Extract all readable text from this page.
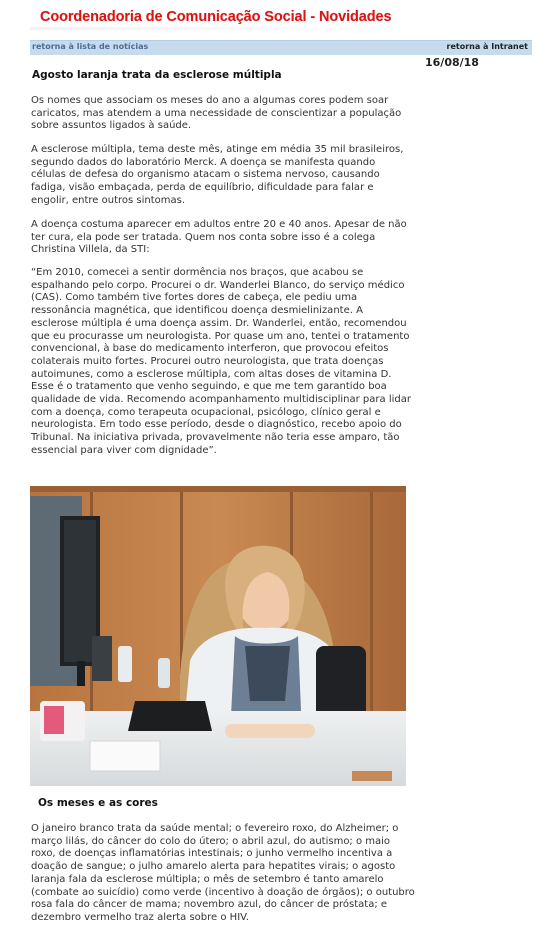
Coordenadoria de Comunicação Social - Novidades
retorna à lista de notícias	retorna à Intranet
16/08/18
Agosto laranja trata da esclerose múltipla

Os nomes que associam os meses do ano a algumas cores podem soar caricatos, mas atendem a uma necessidade de conscientizar a população sobre assuntos ligados à saúde.

A esclerose múltipla, tema deste mês, atinge em média 35 mil brasileiros, segundo dados do laboratório Merck. A doença se manifesta quando células de defesa do organismo atacam o sistema nervoso, causando fadiga, visão embaçada, perda de equilíbrio, dificuldade para falar e engolir, entre outros sintomas.

A doença costuma aparecer em adultos entre 20 e 40 anos. Apesar de não ter cura, ela pode ser tratada. Quem nos conta sobre isso é a colega Christina Villela, da STI:

“Em 2010, comecei a sentir dormência nos braços, que acabou se espalhando pelo corpo. Procurei o dr. Wanderlei Blanco, do serviço médico (CAS). Como também tive fortes dores de cabeça, ele pediu uma ressonância magnética, que identificou doença desmielinizante. A esclerose múltipla é uma doença assim. Dr. Wanderlei, então, recomendou que eu procurasse um neurologista. Por quase um ano, tentei o tratamento convencional, à base do medicamento interferon, que provocou efeitos colaterais muito fortes. Procurei outro neurologista, que trata doenças autoimunes, como a esclerose múltipla, com altas doses de vitamina D. Esse é o tratamento que venho seguindo, e que me tem garantido boa qualidade de vida. Recomendo acompanhamento multidisciplinar para lidar com a doença, como terapeuta ocupacional, psicólogo, clínico geral e neurologista. Em todo esse período, desde o diagnóstico, recebo apoio do Tribunal. Na iniciativa privada, provavelmente não teria esse amparo, tão essencial para viver com dignidade”.

Os meses e as cores

O janeiro branco trata da saúde mental; o fevereiro roxo, do Alzheimer; o março lilás, do câncer do colo do útero; o abril azul, do autismo; o maio roxo, de doenças inflamatórias intestinais; o junho vermelho incentiva a doação de sangue; o julho amarelo alerta para hepatites virais; o agosto laranja fala da esclerose múltipla; o mês de setembro é tanto amarelo (combate ao suicídio) como verde (incentivo à doação de órgãos); o outubro rosa fala do câncer de mama; novembro azul, do câncer de próstata; e dezembro vermelho traz alerta sobre o HIV.
